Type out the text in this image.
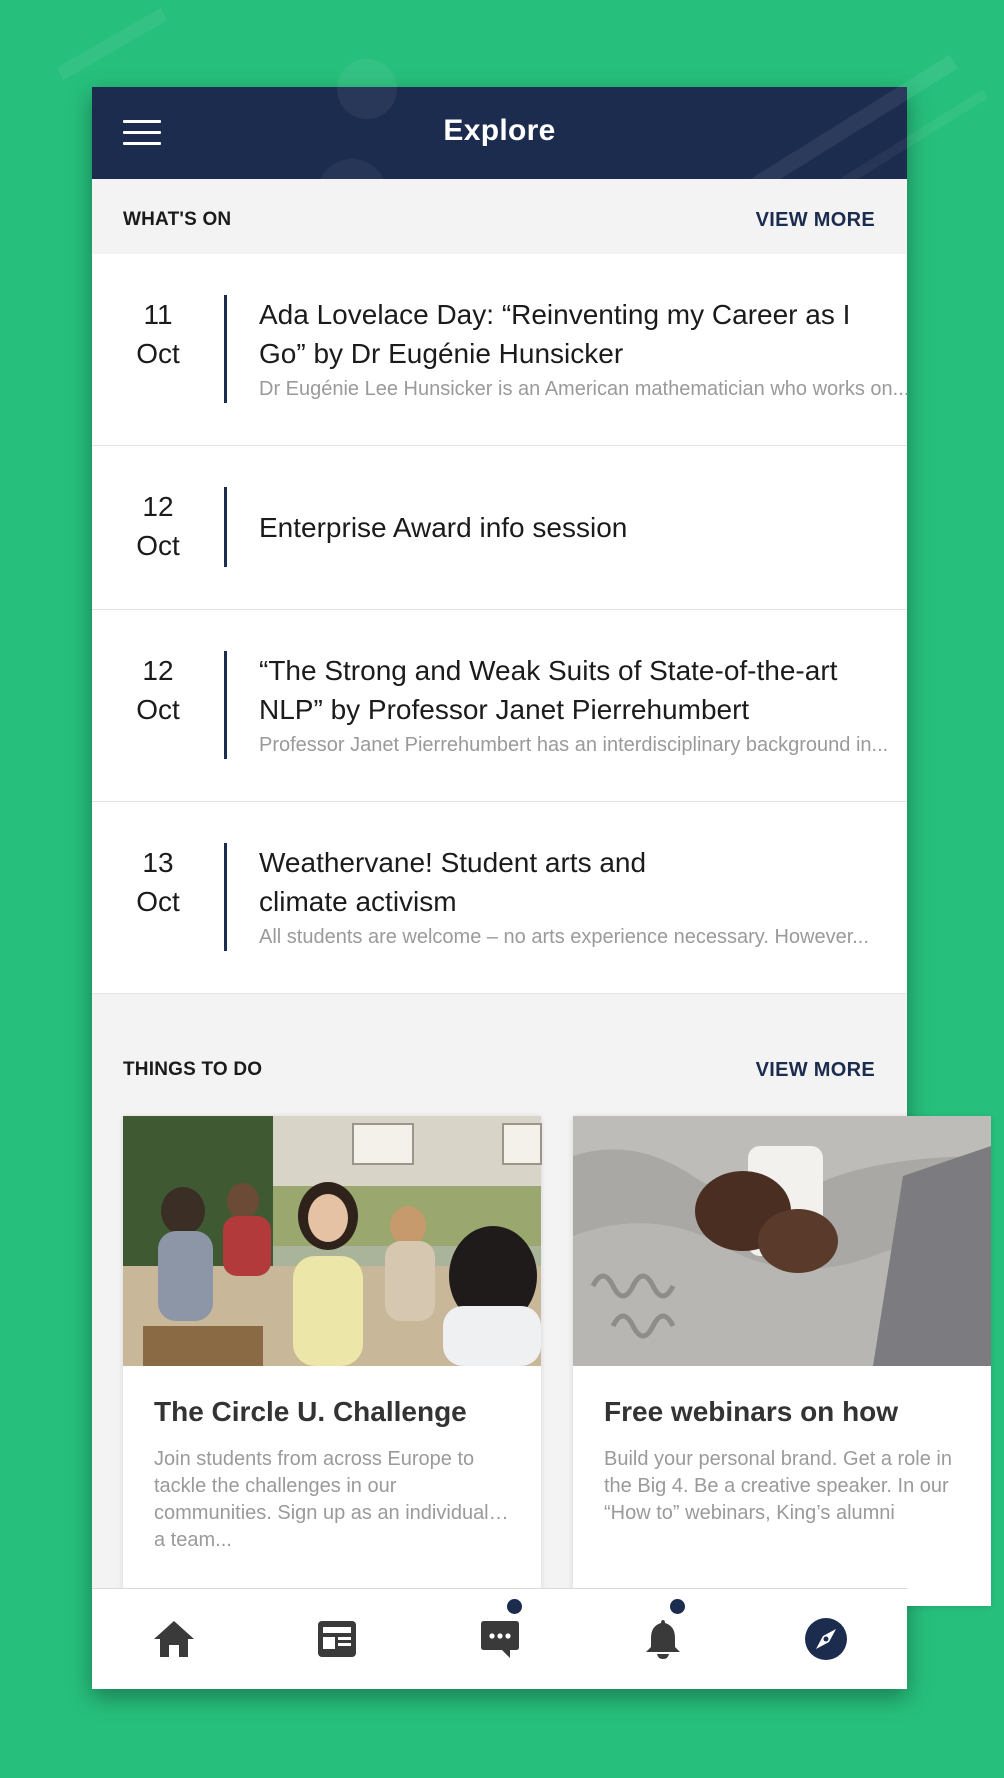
Explore
WHAT'S ON	VIEW MORE
11
Oct
Ada Lovelace Day: “Reinventing my Career as I
Go” by Dr Eugénie Hunsicker
Dr Eugénie Lee Hunsicker is an American mathematician who works on...
12
Oct
Enterprise Award info session
12
Oct
“The Strong and Weak Suits of State-of-the-art
NLP” by Professor Janet Pierrehumbert
Professor Janet Pierrehumbert has an interdisciplinary background in...
13
Oct
Weathervane! Student arts and
climate activism
All students are welcome – no arts experience necessary. However...
THINGS TO DO	VIEW MORE
The Circle U. Challenge
Join students from across Europe to tackle the challenges in our communities. Sign up as an individual or a team...
Free webinars on how
Build your personal brand. Get a role in the Big 4. Be a creative speaker. In our “How to” webinars, King’s alumni
